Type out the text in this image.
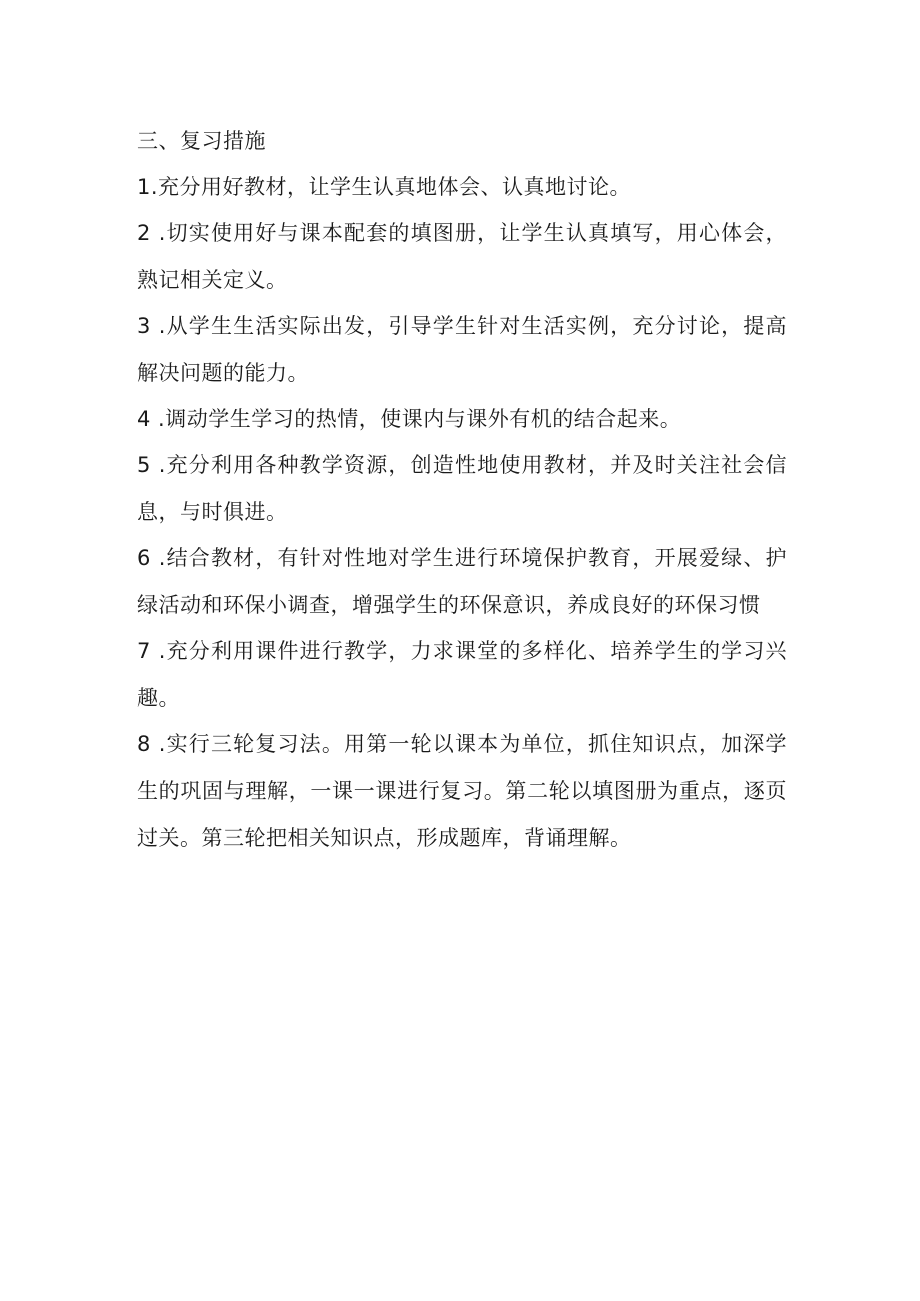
三、复习措施
1.充分用好教材，让学生认真地体会、认真地讨论。
2 .切实使用好与课本配套的填图册，让学生认真填写，用心体会，熟记相关定义。
3 .从学生生活实际出发，引导学生针对生活实例，充分讨论，提高解决问题的能力。
4 .调动学生学习的热情，使课内与课外有机的结合起来。
5 .充分利用各种教学资源，创造性地使用教材，并及时关注社会信息，与时俱进。
6 .结合教材，有针对性地对学生进行环境保护教育，开展爱绿、护绿活动和环保小调查，增强学生的环保意识，养成良好的环保习惯
7 .充分利用课件进行教学，力求课堂的多样化、培养学生的学习兴趣。
8 .实行三轮复习法。用第一轮以课本为单位，抓住知识点，加深学生的巩固与理解，一课一课进行复习。第二轮以填图册为重点，逐页过关。第三轮把相关知识点，形成题库，背诵理解。
